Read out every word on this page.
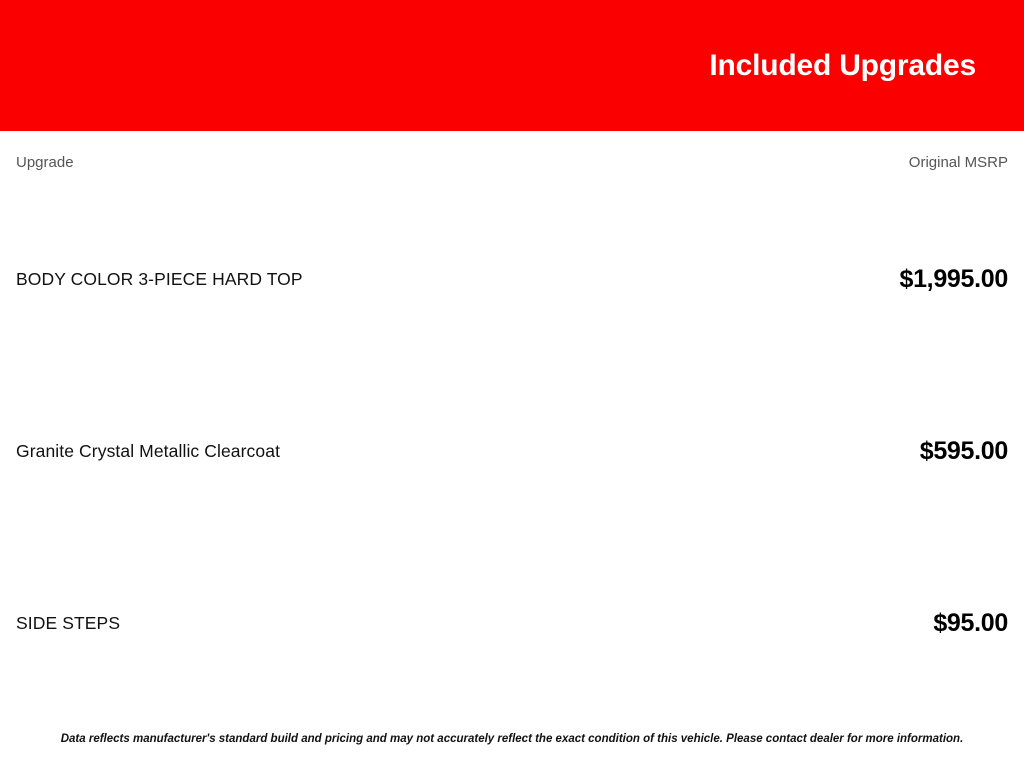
Included Upgrades
Upgrade	Original MSRP
BODY COLOR 3-PIECE HARD TOP	$1,995.00
Granite Crystal Metallic Clearcoat	$595.00
SIDE STEPS	$95.00
Data reflects manufacturer's standard build and pricing and may not accurately reflect the exact condition of this vehicle. Please contact dealer for more information.
